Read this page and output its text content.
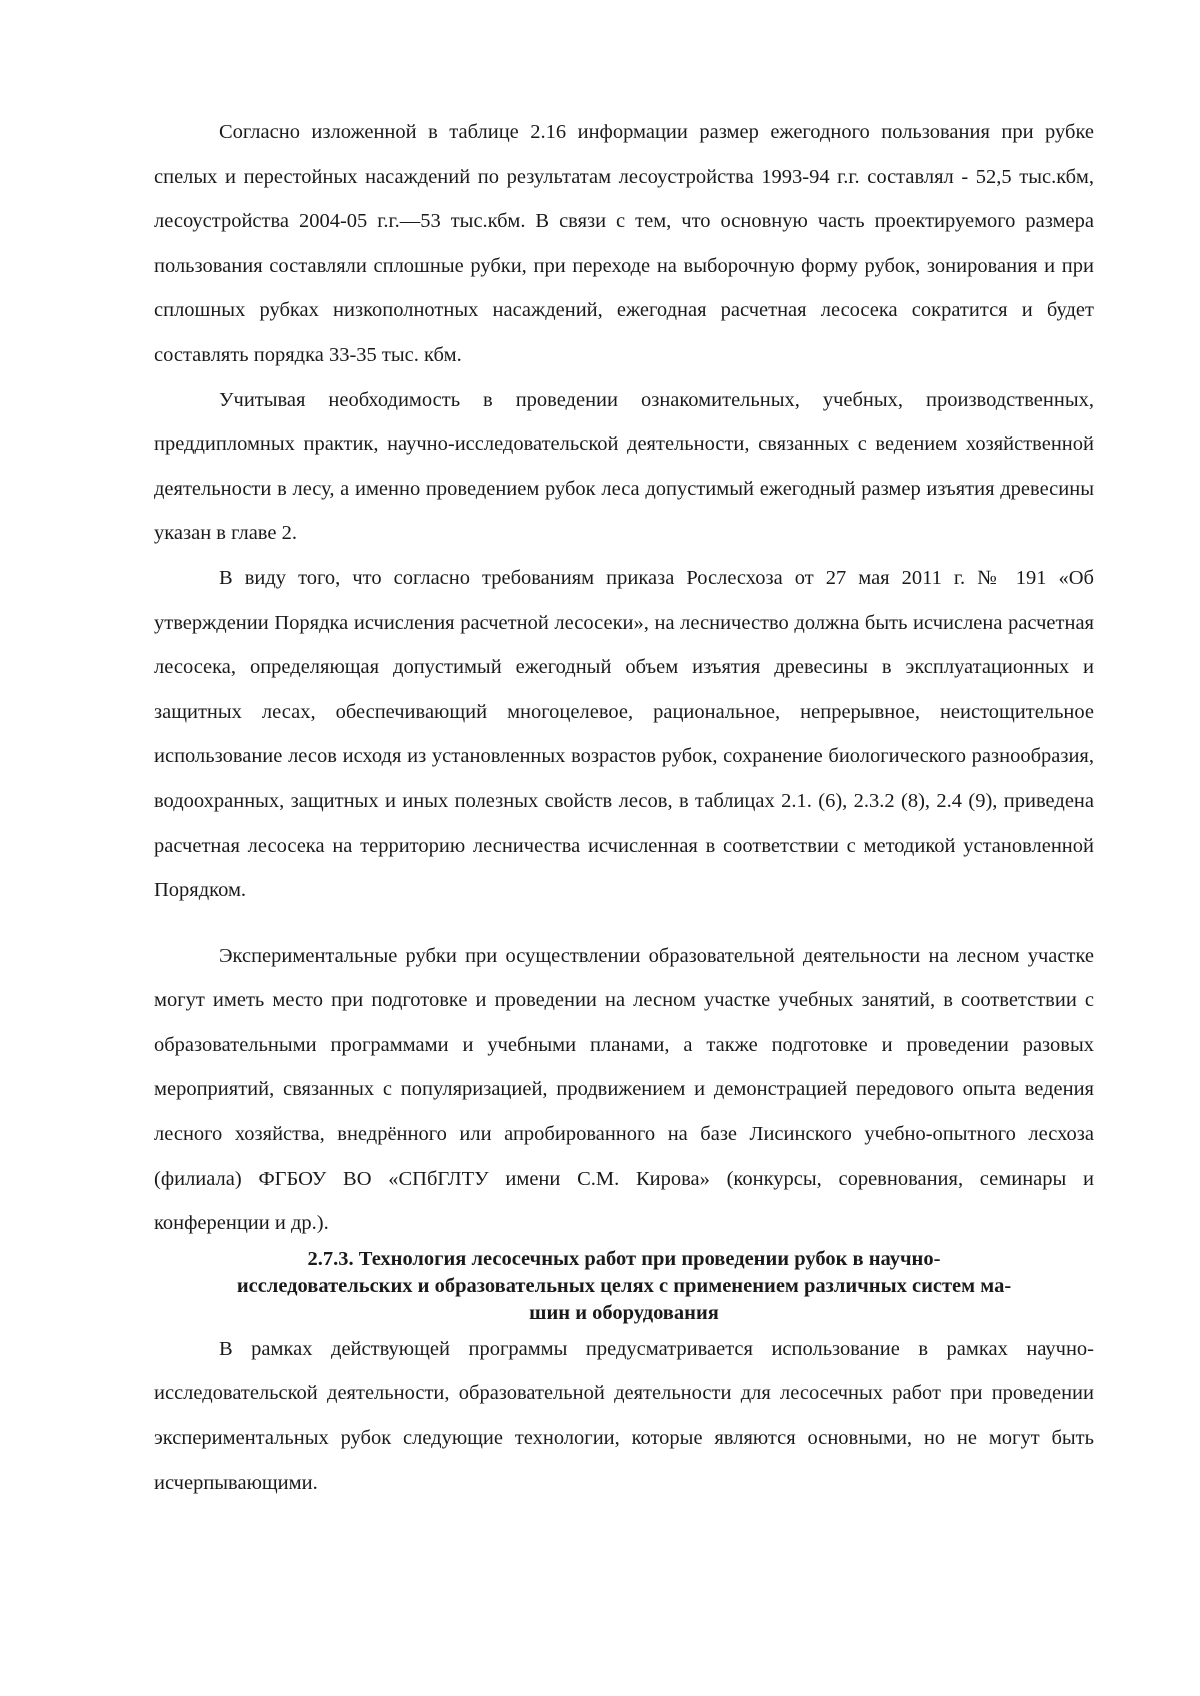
Согласно изложенной в таблице 2.16 информации размер ежегодного пользования при рубке спелых и перестойных насаждений по результатам лесоустройства 1993-94 г.г. составлял - 52,5 тыс.кбм, лесоустройства 2004-05 г.г.—53 тыс.кбм. В связи с тем, что основную часть проектируемого размера пользования составляли сплошные рубки, при переходе на выборочную форму рубок, зонирования и при сплошных рубках низкополнотных насаждений, ежегодная расчетная лесосека сократится и будет составлять порядка 33-35 тыс. кбм.

Учитывая необходимость в проведении ознакомительных, учебных, производственных, преддипломных практик, научно-исследовательской деятельности, связанных с ведением хозяйственной деятельности в лесу, а именно проведением рубок леса допустимый ежегодный размер изъятия древесины указан в главе 2.

В виду того, что согласно требованиям приказа Рослесхоза от 27 мая 2011 г. № 191 «Об утверждении Порядка исчисления расчетной лесосеки», на лесничество должна быть исчислена расчетная лесосека, определяющая допустимый ежегодный объем изъятия древесины в эксплуатационных и защитных лесах, обеспечивающий многоцелевое, рациональное, непрерывное, неистощительное использование лесов исходя из установленных возрастов рубок, сохранение биологического разнообразия, водоохранных, защитных и иных полезных свойств лесов, в таблицах 2.1. (6), 2.3.2 (8), 2.4 (9), приведена расчетная лесосека на территорию лесничества исчисленная в соответствии с методикой установленной Порядком.

Экспериментальные рубки при осуществлении образовательной деятельности на лесном участке могут иметь место при подготовке и проведении на лесном участке учебных занятий, в соответствии с образовательными программами и учебными планами, а также подготовке и проведении разовых мероприятий, связанных с популяризацией, продвижением и демонстрацией передового опыта ведения лесного хозяйства, внедрённого или апробированного на базе Лисинского учебно-опытного лесхоза (филиала) ФГБОУ ВО «СПбГЛТУ имени С.М. Кирова» (конкурсы, соревнования, семинары и конференции и др.).

2.7.3. Технология лесосечных работ при проведении рубок в научно-
исследовательских и образовательных целях с применением различных систем ма-
шин и оборудования

В рамках действующей программы предусматривается использование в рамках научно-исследовательской деятельности, образовательной деятельности для лесосечных работ при проведении экспериментальных рубок следующие технологии, которые являются основными, но не могут быть исчерпывающими.
